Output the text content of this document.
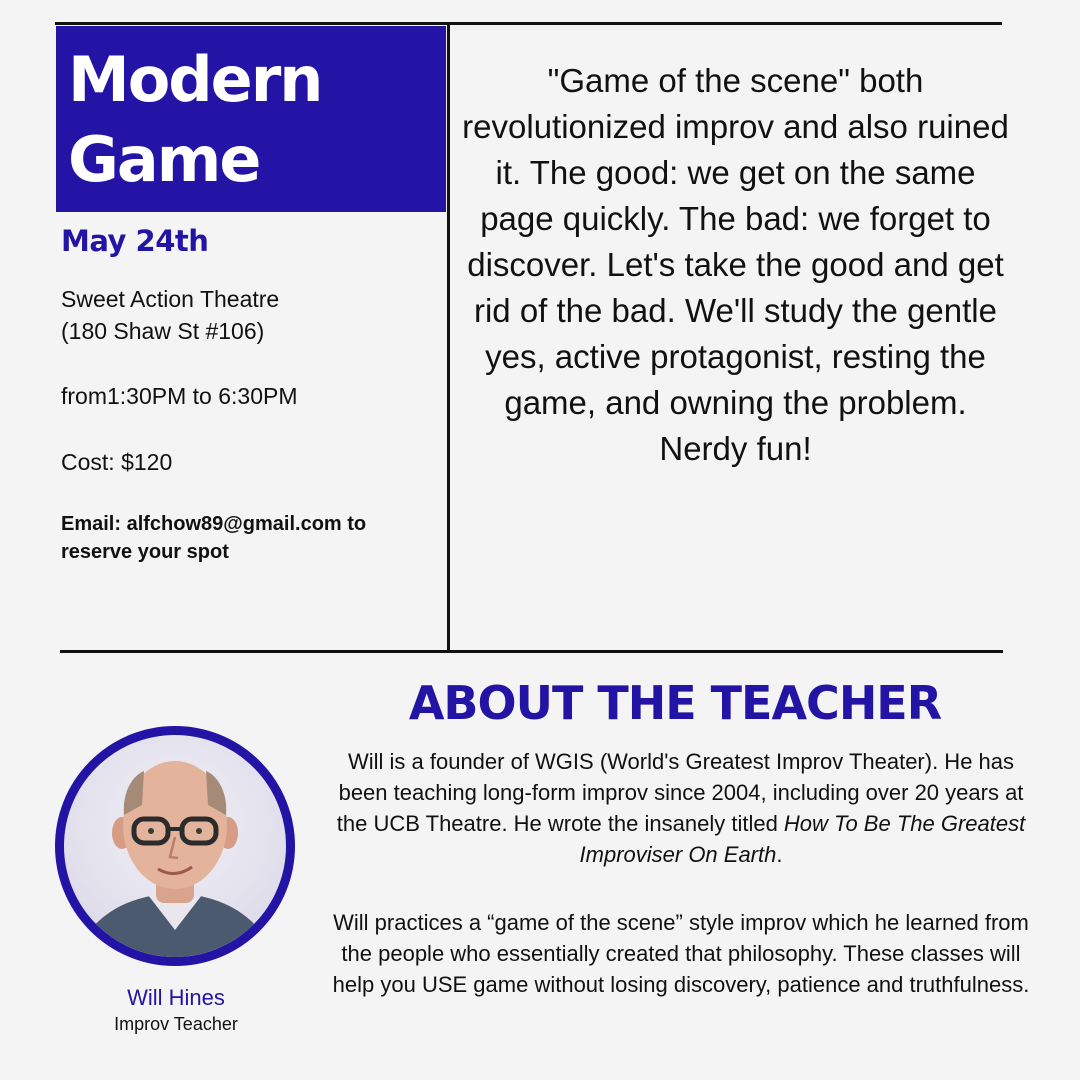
Modern
Game
May 24th
Sweet Action Theatre
(180 Shaw St #106)
from1:30PM to 6:30PM
Cost: $120
Email: alfchow89@gmail.com to reserve your spot
"Game of the scene" both revolutionized improv and also ruined it. The good: we get on the same page quickly. The bad: we forget to discover. Let's take the good and get rid of the bad. We'll study the gentle yes, active protagonist, resting the game, and owning the problem. Nerdy fun!
ABOUT THE TEACHER
Will is a founder of WGIS (World's Greatest Improv Theater). He has been teaching long-form improv since 2004, including over 20 years at the UCB Theatre. He wrote the insanely titled How To Be The Greatest Improviser On Earth.
Will practices a “game of the scene” style improv which he learned from the people who essentially created that philosophy. These classes will help you USE game without losing discovery, patience and truthfulness.
Will Hines
Improv Teacher
